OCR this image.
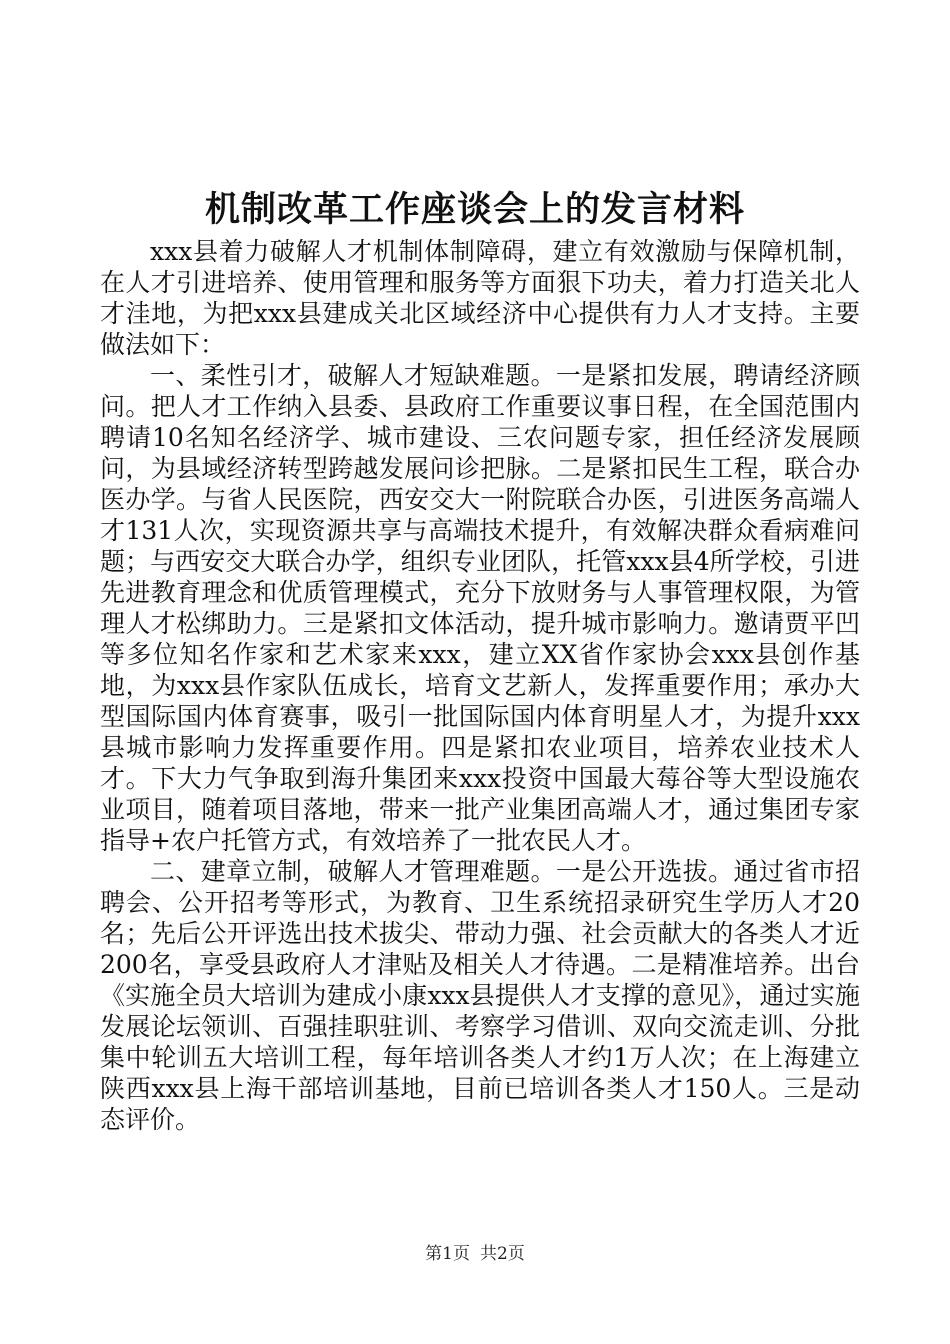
机制改革工作座谈会上的发言材料

xxx县着力破解人才机制体制障碍，建立有效激励与保障机制，在人才引进培养、使用管理和服务等方面狠下功夫，着力打造关北人才洼地，为把xxx县建成关北区域经济中心提供有力人才支持。主要做法如下：

一、柔性引才，破解人才短缺难题。一是紧扣发展，聘请经济顾问。把人才工作纳入县委、县政府工作重要议事日程，在全国范围内聘请10名知名经济学、城市建设、三农问题专家，担任经济发展顾问，为县域经济转型跨越发展问诊把脉。二是紧扣民生工程，联合办医办学。与省人民医院，西安交大一附院联合办医，引进医务高端人才131人次，实现资源共享与高端技术提升，有效解决群众看病难问题；与西安交大联合办学，组织专业团队，托管xxx县4所学校，引进先进教育理念和优质管理模式，充分下放财务与人事管理权限，为管理人才松绑助力。三是紧扣文体活动，提升城市影响力。邀请贾平凹等多位知名作家和艺术家来xxx，建立XX省作家协会xxx县创作基地，为xxx县作家队伍成长，培育文艺新人，发挥重要作用；承办大型国际国内体育赛事，吸引一批国际国内体育明星人才，为提升xxx县城市影响力发挥重要作用。四是紧扣农业项目，培养农业技术人才。下大力气争取到海升集团来xxx投资中国最大莓谷等大型设施农业项目，随着项目落地，带来一批产业集团高端人才，通过集团专家指导+农户托管方式，有效培养了一批农民人才。

二、建章立制，破解人才管理难题。一是公开选拔。通过省市招聘会、公开招考等形式，为教育、卫生系统招录研究生学历人才20名；先后公开评选出技术拔尖、带动力强、社会贡献大的各类人才近200名，享受县政府人才津贴及相关人才待遇。二是精准培养。出台《实施全员大培训为建成小康xxx县提供人才支撑的意见》，通过实施发展论坛领训、百强挂职驻训、考察学习借训、双向交流走训、分批集中轮训五大培训工程，每年培训各类人才约1万人次；在上海建立陕西xxx县上海干部培训基地，目前已培训各类人才150人。三是动态评价。

第1页 共2页
